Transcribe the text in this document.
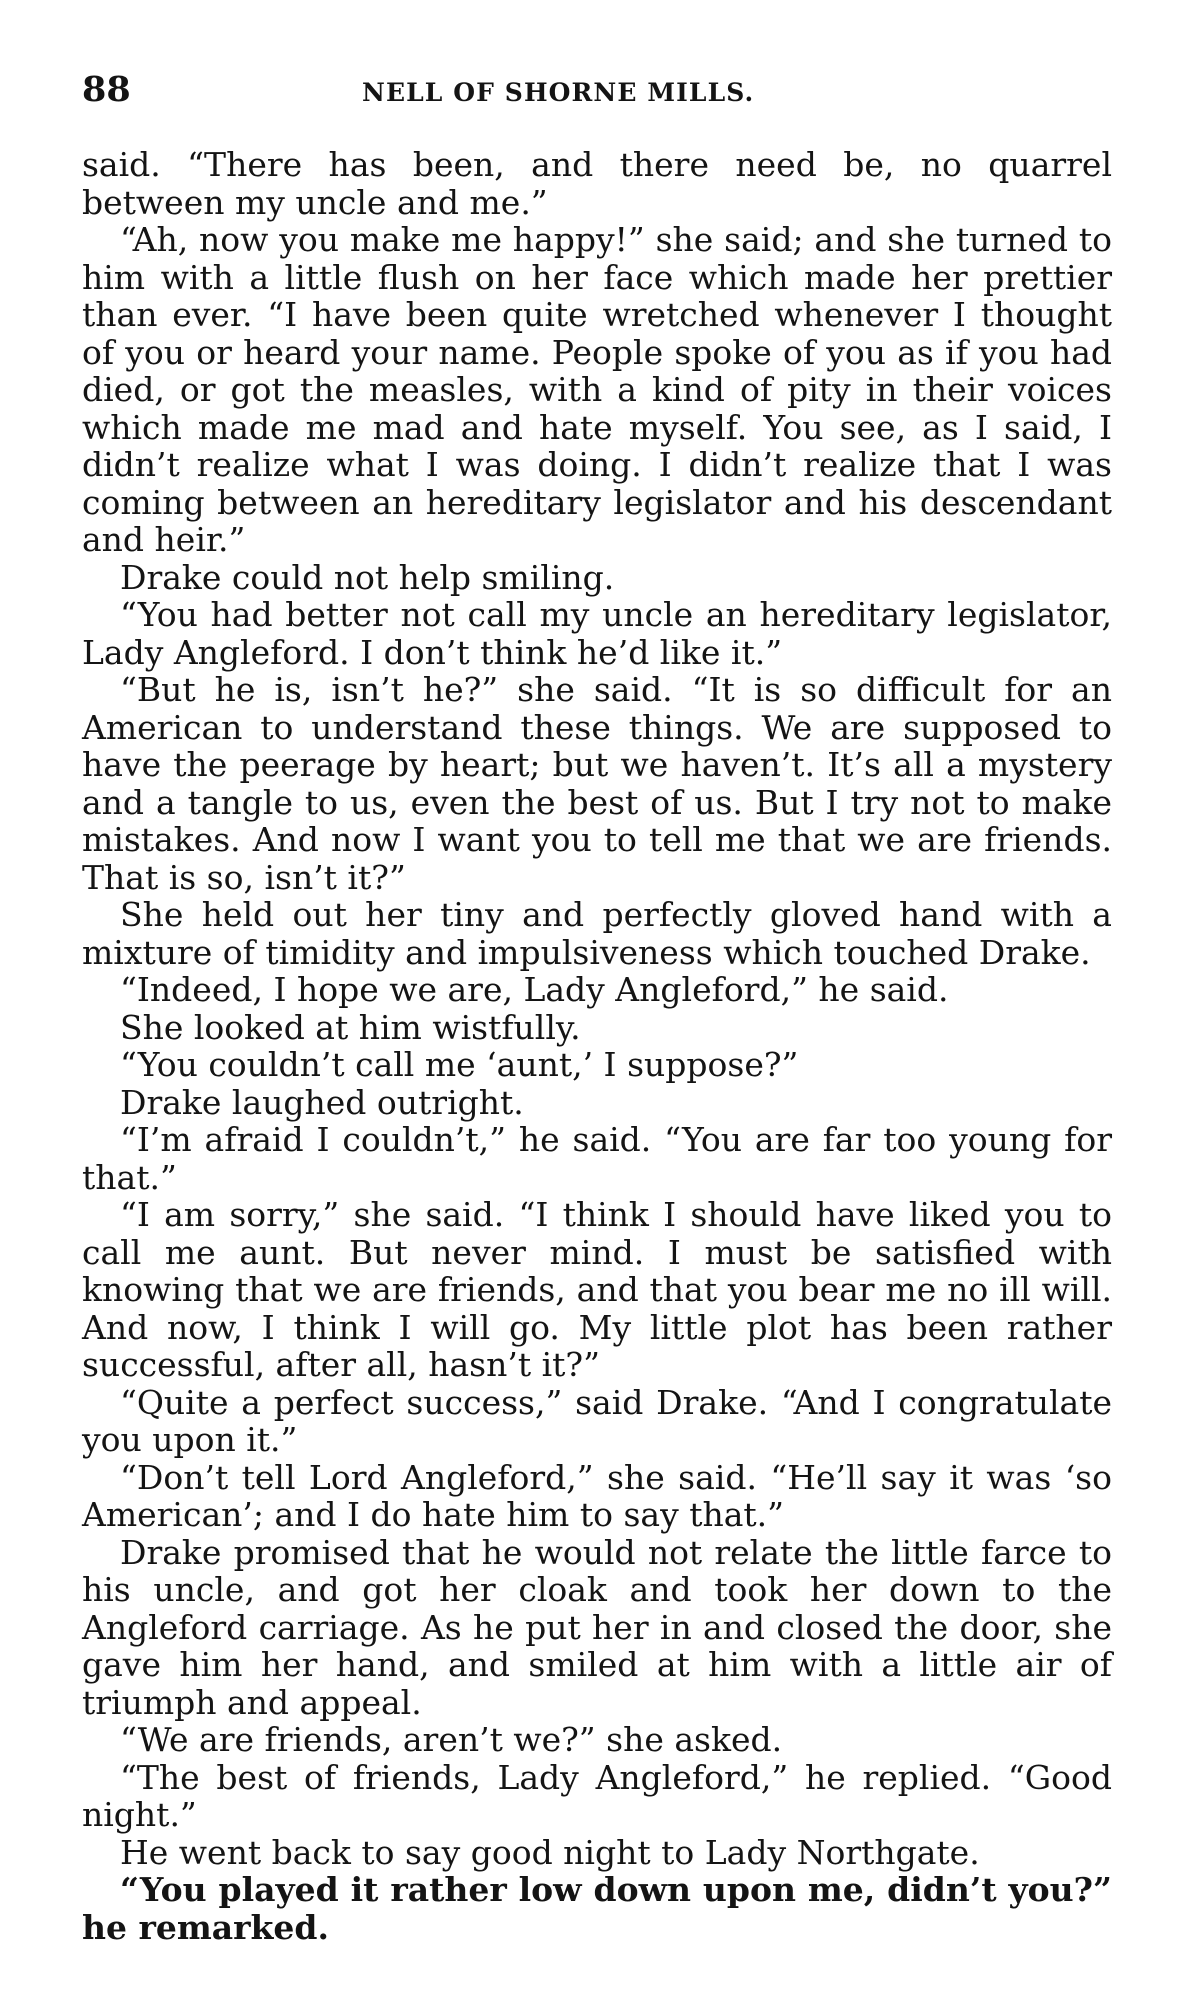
88	NELL OF SHORNE MILLS.

said. “There has been, and there need be, no quarrel between my uncle and me.”

“Ah, now you make me happy!” she said; and she turned to him with a little flush on her face which made her prettier than ever. “I have been quite wretched whenever I thought of you or heard your name. People spoke of you as if you had died, or got the measles, with a kind of pity in their voices which made me mad and hate myself. You see, as I said, I didn’t realize what I was doing. I didn’t realize that I was coming between an hereditary legislator and his descendant and heir.”

Drake could not help smiling.

“You had better not call my uncle an hereditary legislator, Lady Angleford. I don’t think he’d like it.”

“But he is, isn’t he?” she said. “It is so difficult for an American to understand these things. We are supposed to have the peerage by heart; but we haven’t. It’s all a mystery and a tangle to us, even the best of us. But I try not to make mistakes. And now I want you to tell me that we are friends. That is so, isn’t it?”

She held out her tiny and perfectly gloved hand with a mixture of timidity and impulsiveness which touched Drake.

“Indeed, I hope we are, Lady Angleford,” he said.

She looked at him wistfully.

“You couldn’t call me ‘aunt,’ I suppose?”

Drake laughed outright.

“I’m afraid I couldn’t,” he said. “You are far too young for that.”

“I am sorry,” she said. “I think I should have liked you to call me aunt. But never mind. I must be satisfied with knowing that we are friends, and that you bear me no ill will. And now, I think I will go. My little plot has been rather successful, after all, hasn’t it?”

“Quite a perfect success,” said Drake. “And I congratulate you upon it.”

“Don’t tell Lord Angleford,” she said. “He’ll say it was ‘so American’; and I do hate him to say that.”

Drake promised that he would not relate the little farce to his uncle, and got her cloak and took her down to the Angleford carriage. As he put her in and closed the door, she gave him her hand, and smiled at him with a little air of triumph and appeal.

“We are friends, aren’t we?” she asked.

“The best of friends, Lady Angleford,” he replied. “Good night.”

He went back to say good night to Lady Northgate.

“You played it rather low down upon me, didn’t you?” he remarked.
